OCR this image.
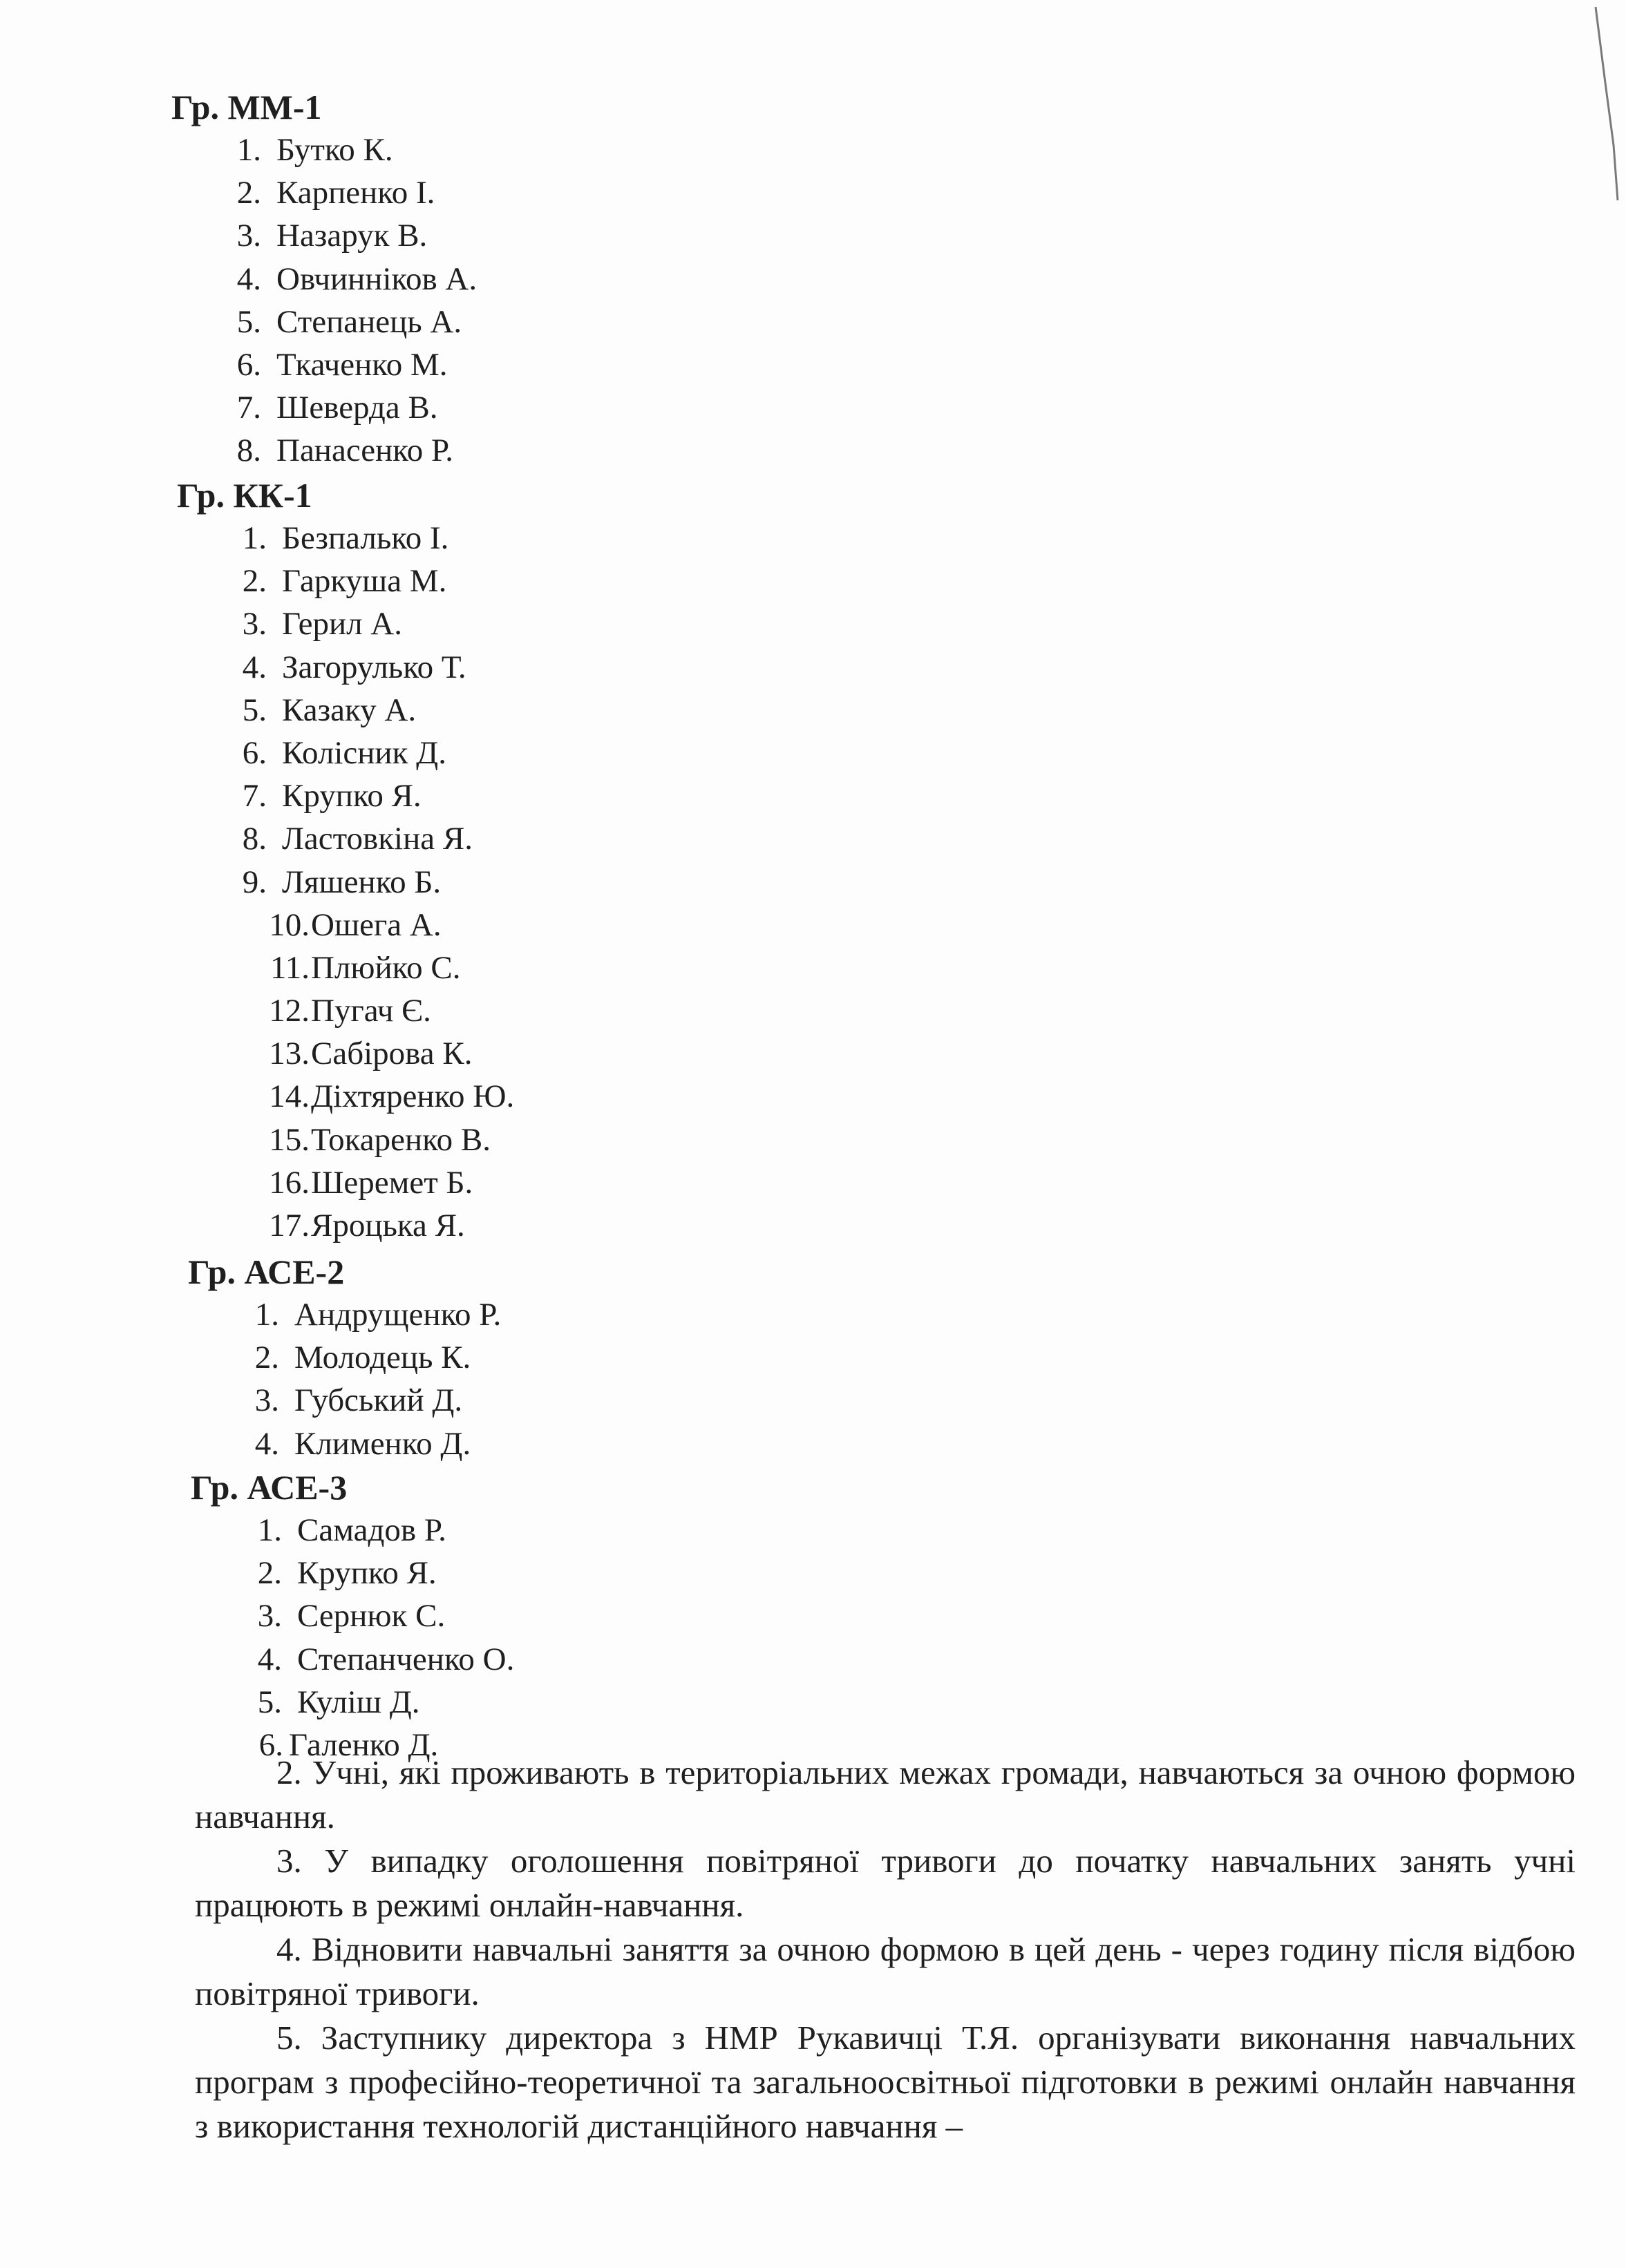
Гр. ММ-1
1. Бутко К.
2. Карпенко І.
3. Назарук В.
4. Овчинніков А.
5. Степанець А.
6. Ткаченко М.
7. Шеверда В.
8. Панасенко Р.
Гр. КК-1
1. Безпалько І.
2. Гаркуша М.
3. Герил А.
4. Загорулько Т.
5. Казаку А.
6. Колісник Д.
7. Крупко Я.
8. Ластовкіна Я.
9. Ляшенко Б.
10. Ошега А.
11. Плюйко С.
12. Пугач Є.
13. Сабірова К.
14. Діхтяренко Ю.
15. Токаренко В.
16. Шеремет Б.
17. Яроцька Я.
Гр. АСЕ-2
1. Андрущенко Р.
2. Молодець К.
3. Губський Д.
4. Клименко Д.
Гр. АСЕ-3
1. Самадов Р.
2. Крупко Я.
3. Сернюк С.
4. Степанченко О.
5. Куліш Д.
6. Галенко Д.

2. Учні, які проживають в територіальних межах громади, навчаються за очною формою навчання.

3. У випадку оголошення повітряної тривоги до початку навчальних занять учні працюють в режимі онлайн-навчання.

4. Відновити навчальні заняття за очною формою в цей день - через годину після відбою повітряної тривоги.

5. Заступнику директора з НМР Рукавичці Т.Я. організувати виконання навчальних програм з професійно-теоретичної та загальноосвітньої підготовки в режимі онлайн навчання з використання технологій дистанційного навчання –
